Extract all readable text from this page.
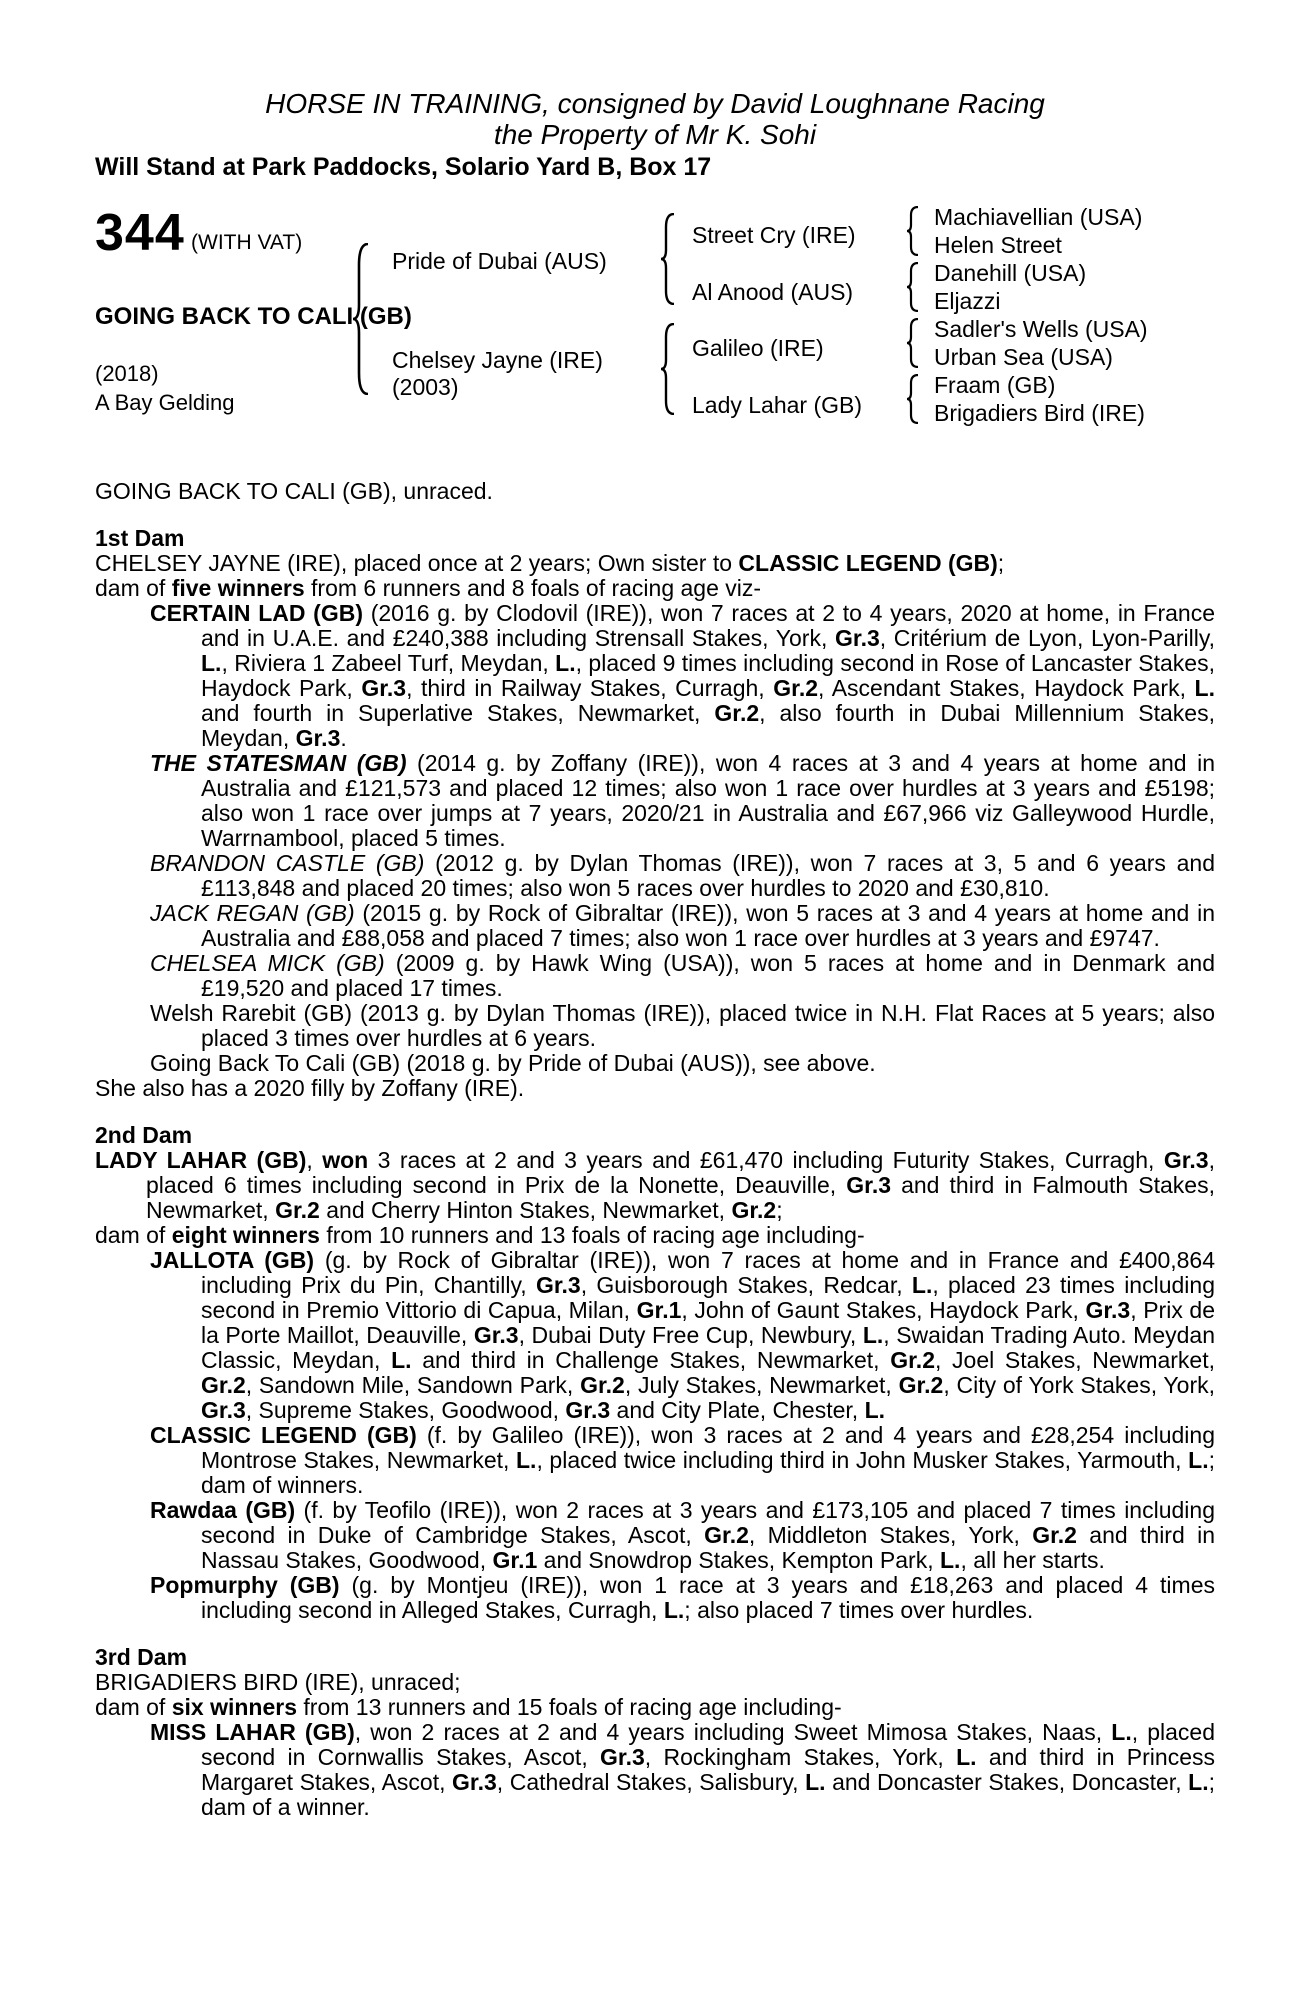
HORSE IN TRAINING, consigned by David Loughnane Racing
the Property of Mr K. Sohi
Will Stand at Park Paddocks, Solario Yard B, Box 17
344 (WITH VAT)
GOING BACK TO CALI (GB)
(2018)
A Bay Gelding
Pride of Dubai (AUS)
Chelsey Jayne (IRE)
(2003)
Street Cry (IRE)
Al Anood (AUS)
Galileo (IRE)
Lady Lahar (GB)
Machiavellian (USA)
Helen Street
Danehill (USA)
Eljazzi
Sadler's Wells (USA)
Urban Sea (USA)
Fraam (GB)
Brigadiers Bird (IRE)
GOING BACK TO CALI (GB), unraced.
1st Dam
CHELSEY JAYNE (IRE), placed once at 2 years; Own sister to CLASSIC LEGEND (GB);
dam of five winners from 6 runners and 8 foals of racing age viz-
CERTAIN LAD (GB) (2016 g. by Clodovil (IRE)), won 7 races at 2 to 4 years, 2020 at home, in France and in U.A.E. and £240,388 including Strensall Stakes, York, Gr.3, Critérium de Lyon, Lyon-Parilly, L., Riviera 1 Zabeel Turf, Meydan, L., placed 9 times including second in Rose of Lancaster Stakes, Haydock Park, Gr.3, third in Railway Stakes, Curragh, Gr.2, Ascendant Stakes, Haydock Park, L. and fourth in Superlative Stakes, Newmarket, Gr.2, also fourth in Dubai Millennium Stakes, Meydan, Gr.3.
THE STATESMAN (GB) (2014 g. by Zoffany (IRE)), won 4 races at 3 and 4 years at home and in Australia and £121,573 and placed 12 times; also won 1 race over hurdles at 3 years and £5198; also won 1 race over jumps at 7 years, 2020/21 in Australia and £67,966 viz Galleywood Hurdle, Warrnambool, placed 5 times.
BRANDON CASTLE (GB) (2012 g. by Dylan Thomas (IRE)), won 7 races at 3, 5 and 6 years and £113,848 and placed 20 times; also won 5 races over hurdles to 2020 and £30,810.
JACK REGAN (GB) (2015 g. by Rock of Gibraltar (IRE)), won 5 races at 3 and 4 years at home and in Australia and £88,058 and placed 7 times; also won 1 race over hurdles at 3 years and £9747.
CHELSEA MICK (GB) (2009 g. by Hawk Wing (USA)), won 5 races at home and in Denmark and £19,520 and placed 17 times.
Welsh Rarebit (GB) (2013 g. by Dylan Thomas (IRE)), placed twice in N.H. Flat Races at 5 years; also placed 3 times over hurdles at 6 years.
Going Back To Cali (GB) (2018 g. by Pride of Dubai (AUS)), see above.
She also has a 2020 filly by Zoffany (IRE).
2nd Dam
LADY LAHAR (GB), won 3 races at 2 and 3 years and £61,470 including Futurity Stakes, Curragh, Gr.3, placed 6 times including second in Prix de la Nonette, Deauville, Gr.3 and third in Falmouth Stakes, Newmarket, Gr.2 and Cherry Hinton Stakes, Newmarket, Gr.2;
dam of eight winners from 10 runners and 13 foals of racing age including-
JALLOTA (GB) (g. by Rock of Gibraltar (IRE)), won 7 races at home and in France and £400,864 including Prix du Pin, Chantilly, Gr.3, Guisborough Stakes, Redcar, L., placed 23 times including second in Premio Vittorio di Capua, Milan, Gr.1, John of Gaunt Stakes, Haydock Park, Gr.3, Prix de la Porte Maillot, Deauville, Gr.3, Dubai Duty Free Cup, Newbury, L., Swaidan Trading Auto. Meydan Classic, Meydan, L. and third in Challenge Stakes, Newmarket, Gr.2, Joel Stakes, Newmarket, Gr.2, Sandown Mile, Sandown Park, Gr.2, July Stakes, Newmarket, Gr.2, City of York Stakes, York, Gr.3, Supreme Stakes, Goodwood, Gr.3 and City Plate, Chester, L.
CLASSIC LEGEND (GB) (f. by Galileo (IRE)), won 3 races at 2 and 4 years and £28,254 including Montrose Stakes, Newmarket, L., placed twice including third in John Musker Stakes, Yarmouth, L.; dam of winners.
Rawdaa (GB) (f. by Teofilo (IRE)), won 2 races at 3 years and £173,105 and placed 7 times including second in Duke of Cambridge Stakes, Ascot, Gr.2, Middleton Stakes, York, Gr.2 and third in Nassau Stakes, Goodwood, Gr.1 and Snowdrop Stakes, Kempton Park, L., all her starts.
Popmurphy (GB) (g. by Montjeu (IRE)), won 1 race at 3 years and £18,263 and placed 4 times including second in Alleged Stakes, Curragh, L.; also placed 7 times over hurdles.
3rd Dam
BRIGADIERS BIRD (IRE), unraced;
dam of six winners from 13 runners and 15 foals of racing age including-
MISS LAHAR (GB), won 2 races at 2 and 4 years including Sweet Mimosa Stakes, Naas, L., placed second in Cornwallis Stakes, Ascot, Gr.3, Rockingham Stakes, York, L. and third in Princess Margaret Stakes, Ascot, Gr.3, Cathedral Stakes, Salisbury, L. and Doncaster Stakes, Doncaster, L.; dam of a winner.
